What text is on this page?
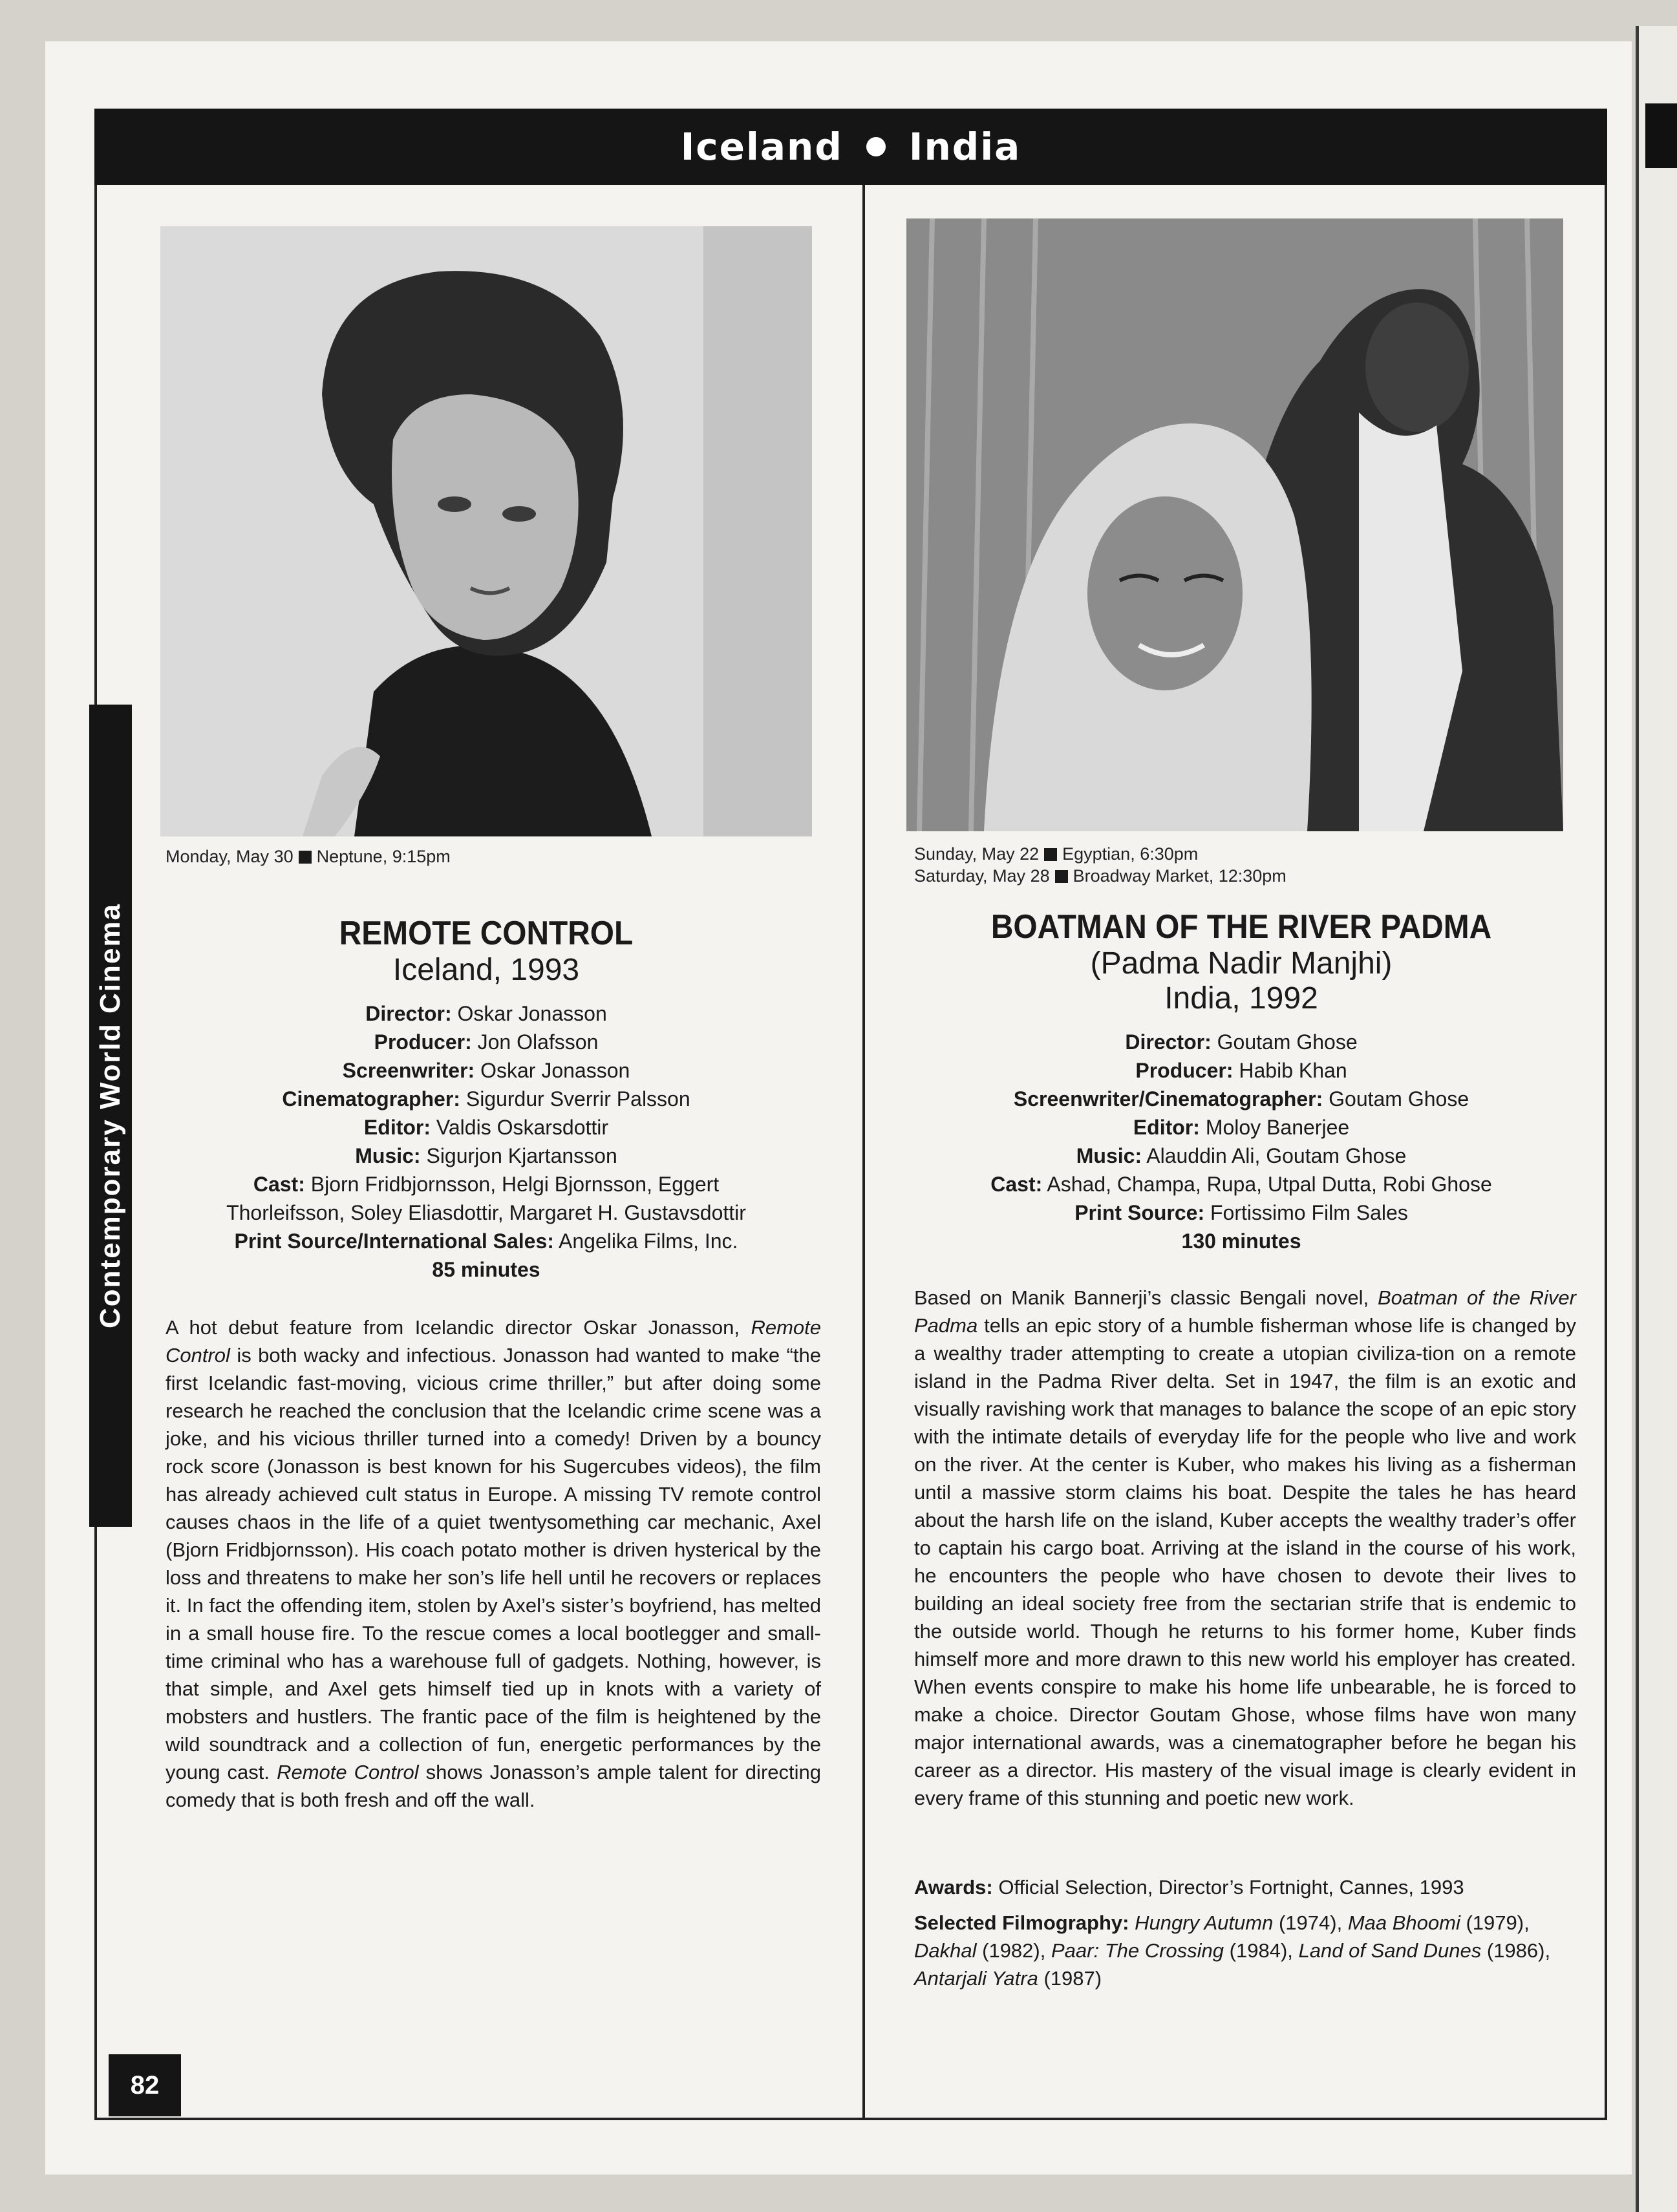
Iceland India
Contemporary World Cinema
82
Monday, May 30 Neptune, 9:15pm	Sunday, May 22 Egyptian, 6:30pm
Saturday, May 28 Broadway Market, 12:30pm
REMOTE CONTROL
Iceland, 1993
Director: Oskar Jonasson
Producer: Jon Olafsson
Screenwriter: Oskar Jonasson
Cinematographer: Sigurdur Sverrir Palsson
Editor: Valdis Oskarsdottir
Music: Sigurjon Kjartansson
Cast: Bjorn Fridbjornsson, Helgi Bjornsson, Eggert Thorleifsson, Soley Eliasdottir, Margaret H. Gustavsdottir
Print Source/International Sales: Angelika Films, Inc.
85 minutes
A hot debut feature from Icelandic director Oskar Jonasson, Remote Control is both wacky and infectious. Jonasson had wanted to make “the first Icelandic fast-moving, vicious crime thriller,” but after doing some research he reached the conclusion that the Icelandic crime scene was a joke, and his vicious thriller turned into a comedy! Driven by a bouncy rock score (Jonasson is best known for his Sugercubes videos), the film has already achieved cult status in Europe. A missing TV remote control causes chaos in the life of a quiet twentysomething car mechanic, Axel (Bjorn Fridbjornsson). His coach potato mother is driven hysterical by the loss and threatens to make her son’s life hell until he recovers or replaces it. In fact the offending item, stolen by Axel’s sister’s boyfriend, has melted in a small house fire. To the rescue comes a local bootlegger and small-time criminal who has a warehouse full of gadgets. Nothing, however, is that simple, and Axel gets himself tied up in knots with a variety of mobsters and hustlers. The frantic pace of the film is heightened by the wild soundtrack and a collection of fun, energetic performances by the young cast. Remote Control shows Jonasson’s ample talent for directing comedy that is both fresh and off the wall.
BOATMAN OF THE RIVER PADMA
(Padma Nadir Manjhi)
India, 1992
Director: Goutam Ghose
Producer: Habib Khan
Screenwriter/Cinematographer: Goutam Ghose
Editor: Moloy Banerjee
Music: Alauddin Ali, Goutam Ghose
Cast: Ashad, Champa, Rupa, Utpal Dutta, Robi Ghose
Print Source: Fortissimo Film Sales
130 minutes
Based on Manik Bannerji’s classic Bengali novel, Boatman of the River Padma tells an epic story of a humble fisherman whose life is changed by a wealthy trader attempting to create a utopian civiliza-tion on a remote island in the Padma River delta. Set in 1947, the film is an exotic and visually ravishing work that manages to balance the scope of an epic story with the intimate details of everyday life for the people who live and work on the river. At the center is Kuber, who makes his living as a fisherman until a massive storm claims his boat. Despite the tales he has heard about the harsh life on the island, Kuber accepts the wealthy trader’s offer to captain his cargo boat. Arriving at the island in the course of his work, he encounters the people who have chosen to devote their lives to building an ideal society free from the sectarian strife that is endemic to the outside world. Though he returns to his former home, Kuber finds himself more and more drawn to this new world his employer has created. When events conspire to make his home life unbearable, he is forced to make a choice. Director Goutam Ghose, whose films have won many major international awards, was a cinematographer before he began his career as a director. His mastery of the visual image is clearly evident in every frame of this stunning and poetic new work.
Awards: Official Selection, Director’s Fortnight, Cannes, 1993
Selected Filmography: Hungry Autumn (1974), Maa Bhoomi (1979), Dakhal (1982), Paar: The Crossing (1984), Land of Sand Dunes (1986), Antarjali Yatra (1987)
